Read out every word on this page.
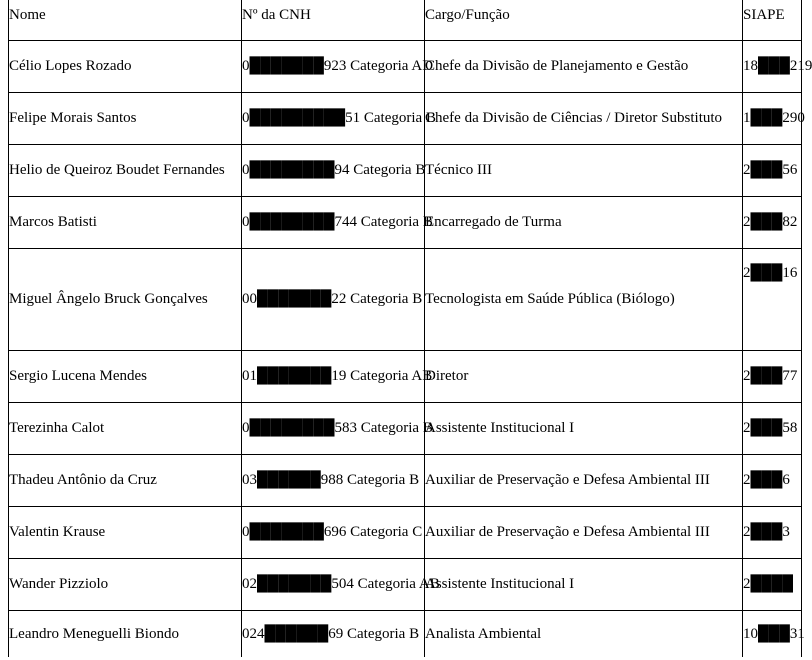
Nome	Nº da CNH	Cargo/Função	SIAPE
Célio Lopes Rozado	0███████923 Categoria AD	Chefe da Divisão de Planejamento e Gestão	18███219
Felipe Morais Santos	0█████████51 Categoria B	Chefe da Divisão de Ciências / Diretor Substituto	1███290
Helio de Queiroz Boudet Fernandes	0████████94 Categoria B	Técnico III	2███56
Marcos Batisti	0████████744 Categoria B	Encarregado de Turma	2███82
Miguel Ângelo Bruck Gonçalves	00███████22 Categoria B	Tecnologista em Saúde Pública (Biólogo)	2███16
Sergio Lucena Mendes	01███████19 Categoria AB	Diretor	2███77
Terezinha Calot	0████████583 Categoria B	Assistente Institucional I	2███58
Thadeu Antônio da Cruz	03██████988 Categoria B	Auxiliar de Preservação e Defesa Ambiental III	2███6
Valentin Krause	0███████696 Categoria C	Auxiliar de Preservação e Defesa Ambiental III	2███3
Wander Pizziolo	02███████504 Categoria AB	Assistente Institucional I	2████
Leandro Meneguelli Biondo	024██████69 Categoria B	Analista Ambiental	10███31
